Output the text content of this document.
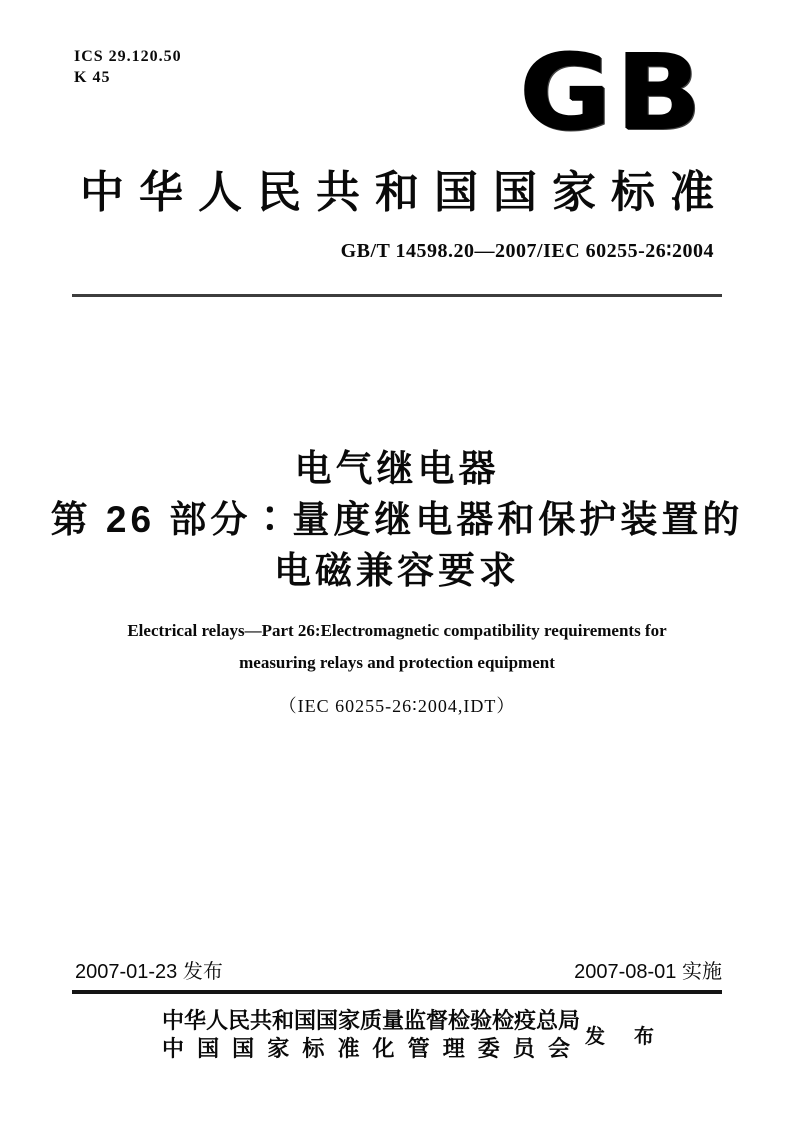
ICS 29.120.50
K 45	GB
中华人民共和国国家标准
GB/T 14598.20—2007/IEC 60255-26∶2004
电气继电器
第 26 部分∶量度继电器和保护装置的
电磁兼容要求
Electrical relays—Part 26:Electromagnetic compatibility requirements for
measuring relays and protection equipment
（IEC 60255-26∶2004,IDT）
2007-01-23 发布	2007-08-01 实施
中华人民共和国国家质量监督检验检疫总局
中国国家标准化管理委员会 发 布
